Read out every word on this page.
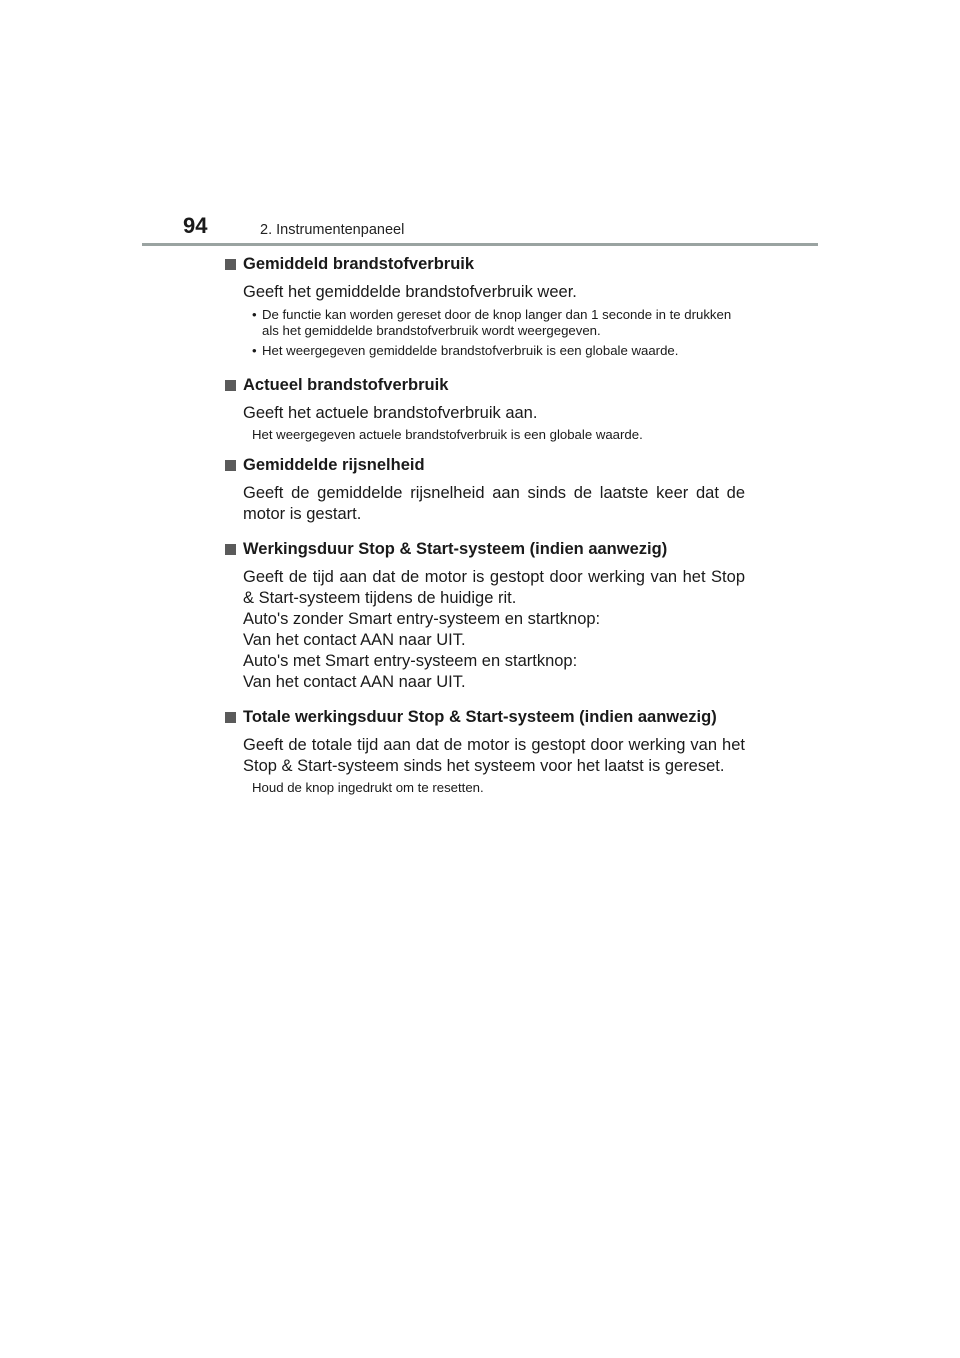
94	2. Instrumentenpaneel
Gemiddeld brandstofverbruik

Geeft het gemiddelde brandstofverbruik weer.

• De functie kan worden gereset door de knop langer dan 1 seconde in te drukken als het gemiddelde brandstofverbruik wordt weergegeven.
• Het weergegeven gemiddelde brandstofverbruik is een globale waarde.
Actueel brandstofverbruik

Geeft het actuele brandstofverbruik aan.

Het weergegeven actuele brandstofverbruik is een globale waarde.

Gemiddelde rijsnelheid

Geeft de gemiddelde rijsnelheid aan sinds de laatste keer dat de motor is gestart.

Werkingsduur Stop & Start-systeem (indien aanwezig)

Geeft de tijd aan dat de motor is gestopt door werking van het Stop & Start-systeem tijdens de huidige rit.

Auto's zonder Smart entry-systeem en startknop:
Van het contact AAN naar UIT.
Auto's met Smart entry-systeem en startknop:
Van het contact AAN naar UIT.
Totale werkingsduur Stop & Start-systeem (indien aanwezig)

Geeft de totale tijd aan dat de motor is gestopt door werking van het Stop & Start-systeem sinds het systeem voor het laatst is gereset.

Houd de knop ingedrukt om te resetten.
